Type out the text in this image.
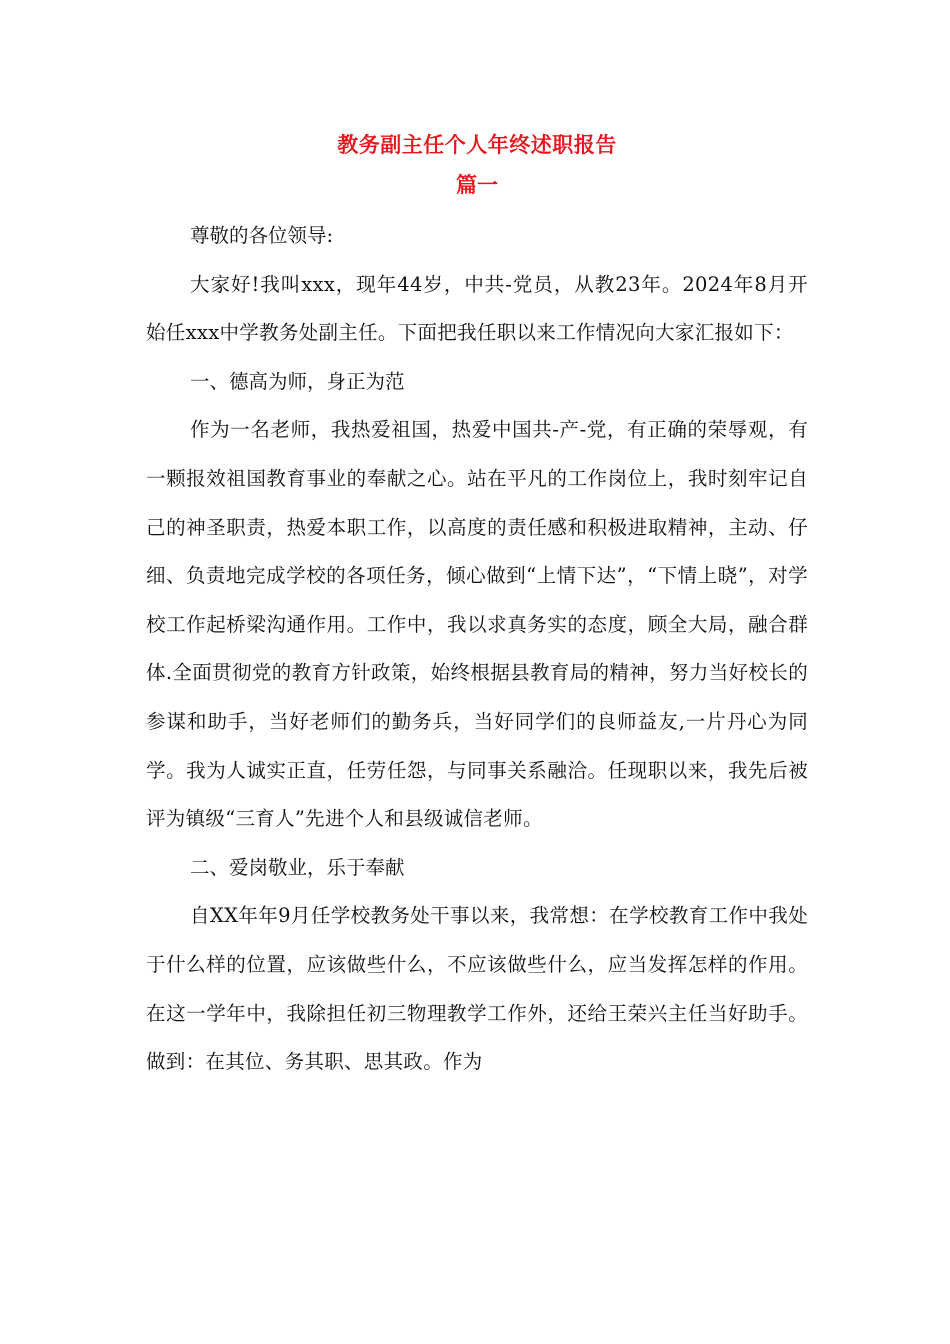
教务副主任个人年终述职报告
篇一

尊敬的各位领导:

大家好!我叫xxx，现年44岁，中共-党员，从教23年。2024年8月开始任xxx中学教务处副主任。下面把我任职以来工作情况向大家汇报如下：

一、德高为师，身正为范

作为一名老师，我热爱祖国，热爱中国共-产-党，有正确的荣辱观，有一颗报效祖国教育事业的奉献之心。站在平凡的工作岗位上，我时刻牢记自己的神圣职责，热爱本职工作，以高度的责任感和积极进取精神，主动、仔细、负责地完成学校的各项任务，倾心做到“上情下达”，“下情上晓”，对学校工作起桥梁沟通作用。工作中，我以求真务实的态度，顾全大局，融合群体.全面贯彻党的教育方针政策，始终根据县教育局的精神，努力当好校长的参谋和助手，当好老师们的勤务兵，当好同学们的良师益友,一片丹心为同学。我为人诚实正直，任劳任怨，与同事关系融洽。任现职以来，我先后被评为镇级“三育人”先进个人和县级诚信老师。

二、爱岗敬业，乐于奉献

自XX年年9月任学校教务处干事以来，我常想：在学校教育工作中我处于什么样的位置，应该做些什么，不应该做些什么，应当发挥怎样的作用。在这一学年中，我除担任初三物理教学工作外，还给王荣兴主任当好助手。做到：在其位、务其职、思其政。作为
